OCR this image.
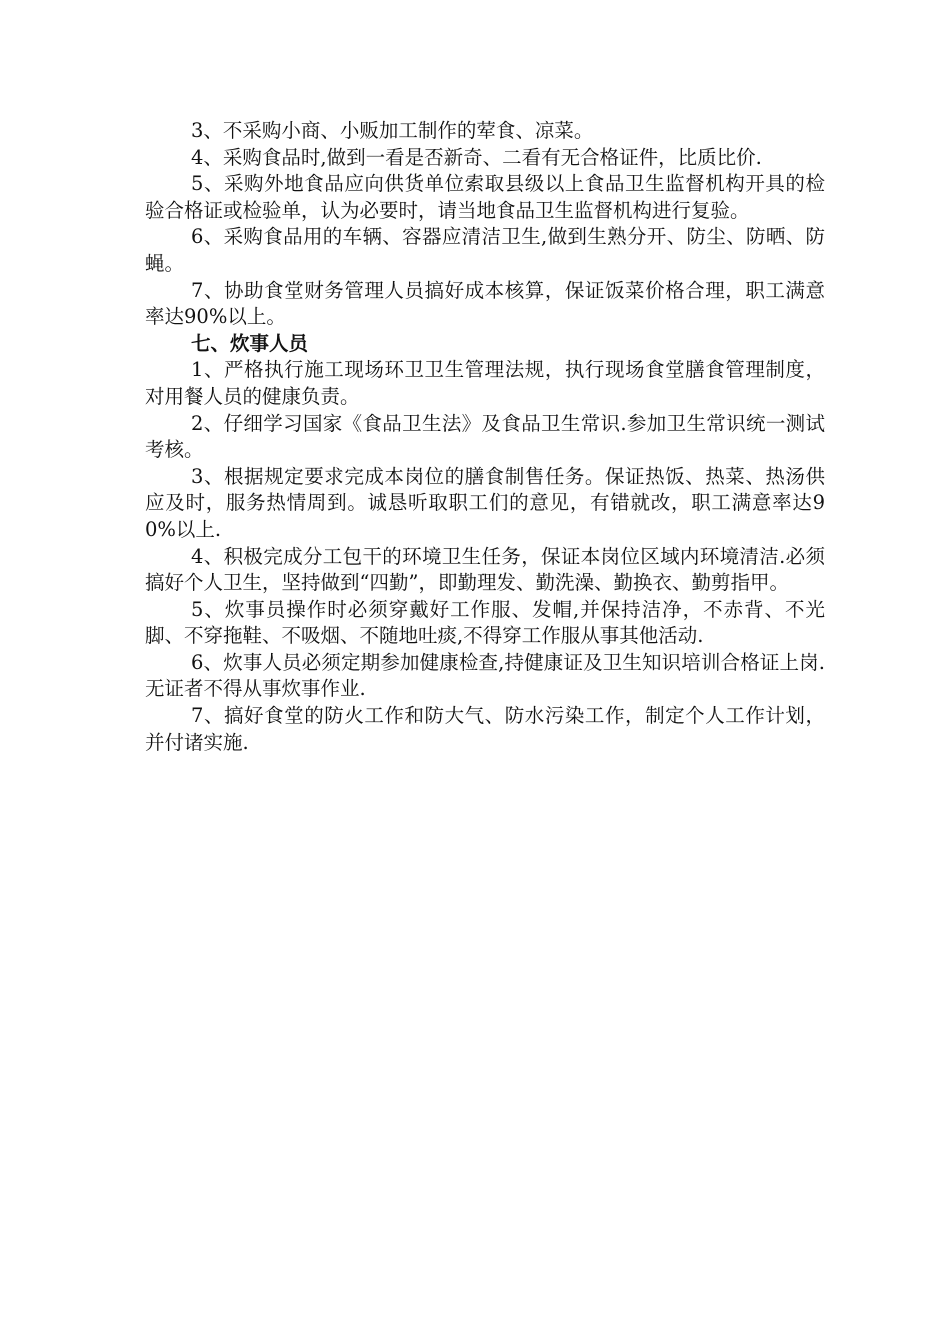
3、不采购小商、小贩加工制作的荤食、凉菜。

4、采购食品时,做到一看是否新奇、二看有无合格证件，比质比价.

5、采购外地食品应向供货单位索取县级以上食品卫生监督机构开具的检验合格证或检验单，认为必要时，请当地食品卫生监督机构进行复验。

6、采购食品用的车辆、容器应清洁卫生,做到生熟分开、防尘、防晒、防蝇。

7、协助食堂财务管理人员搞好成本核算，保证饭菜价格合理，职工满意率达90%以上。

七、炊事人员

1、严格执行施工现场环卫卫生管理法规，执行现场食堂膳食管理制度，对用餐人员的健康负责。

2、仔细学习国家《食品卫生法》及食品卫生常识.参加卫生常识统一测试考核。

3、根据规定要求完成本岗位的膳食制售任务。保证热饭、热菜、热汤供应及时，服务热情周到。诚恳听取职工们的意见，有错就改，职工满意率达90%以上.

4、积极完成分工包干的环境卫生任务，保证本岗位区域内环境清洁.必须搞好个人卫生，坚持做到“四勤”，即勤理发、勤洗澡、勤换衣、勤剪指甲。

5、炊事员操作时必须穿戴好工作服、发帽,并保持洁净，不赤背、不光脚、不穿拖鞋、不吸烟、不随地吐痰,不得穿工作服从事其他活动.

6、炊事人员必须定期参加健康检查,持健康证及卫生知识培训合格证上岗.无证者不得从事炊事作业.

7、搞好食堂的防火工作和防大气、防水污染工作，制定个人工作计划，并付诸实施.
